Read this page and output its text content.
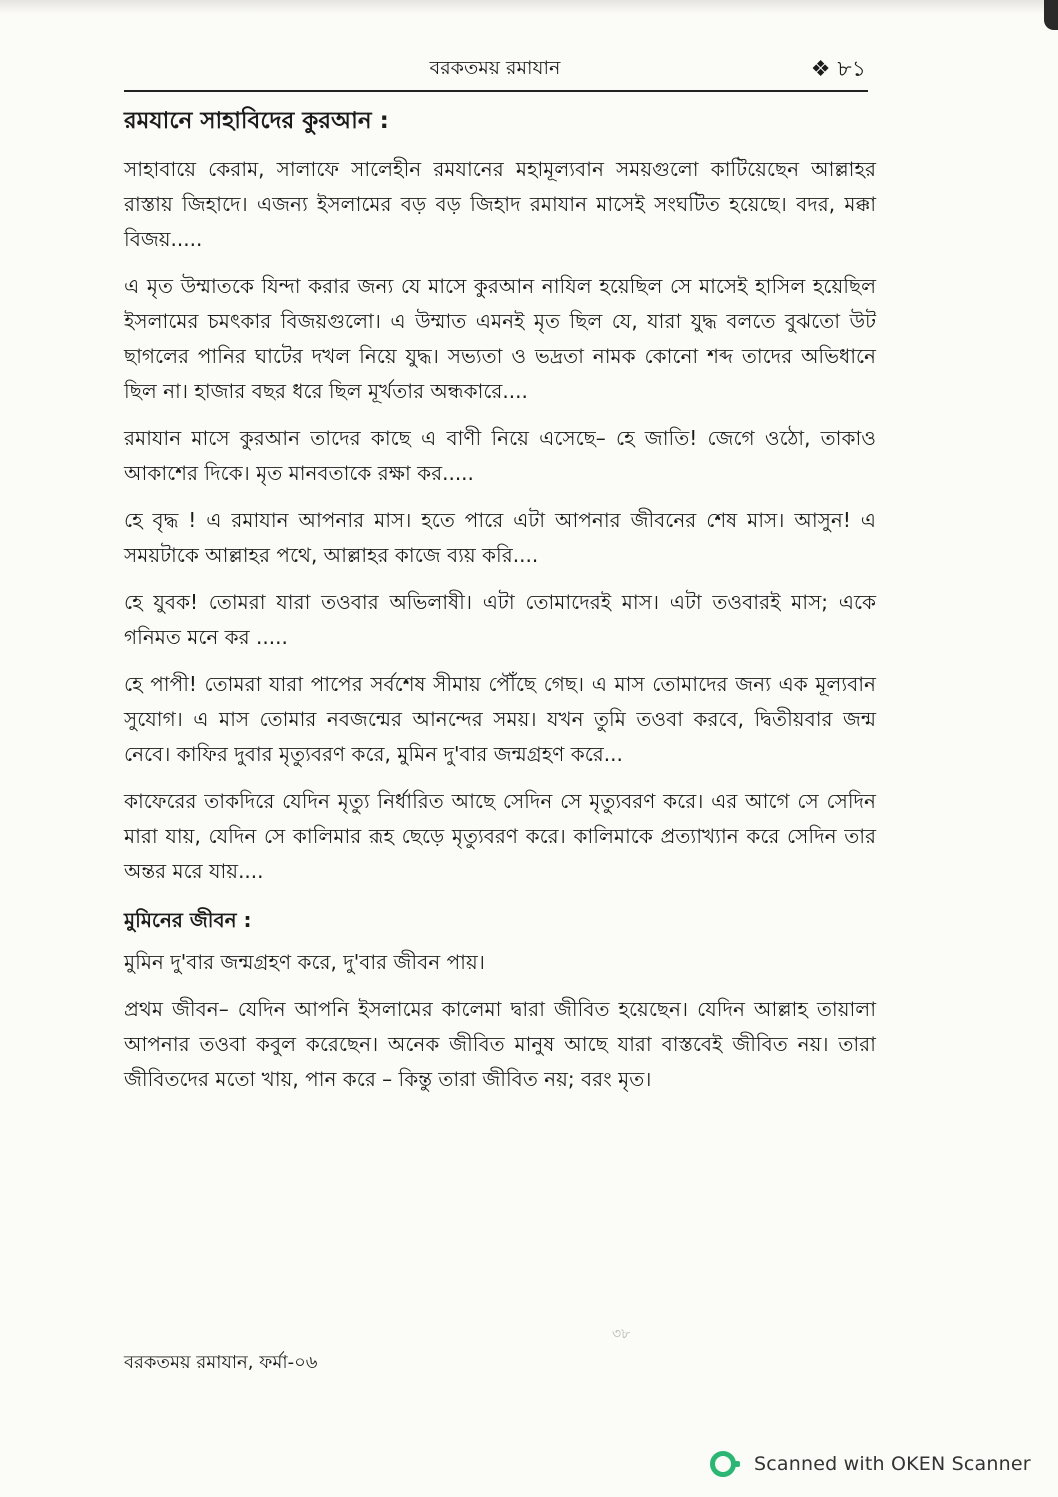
বরকতময় রমাযান	❖ ৮১
রমযানে সাহাবিদের কুরআন :

সাহাবায়ে কেরাম, সালাফে সালেহীন রমযানের মহামূল্যবান সময়গুলো কাটিয়েছেন আল্লাহর রাস্তায় জিহাদে। এজন্য ইসলামের বড় বড় জিহাদ রমাযান মাসেই সংঘটিত হয়েছে। বদর, মক্কা বিজয়.....

এ মৃত উম্মাতকে যিন্দা করার জন্য যে মাসে কুরআন নাযিল হয়েছিল সে মাসেই হাসিল হয়েছিল ইসলামের চমৎকার বিজয়গুলো। এ উম্মাত এমনই মৃত ছিল যে, যারা যুদ্ধ বলতে বুঝতো উট ছাগলের পানির ঘাটের দখল নিয়ে যুদ্ধ। সভ্যতা ও ভদ্রতা নামক কোনো শব্দ তাদের অভিধানে ছিল না। হাজার বছর ধরে ছিল মূর্খতার অন্ধকারে....

রমাযান মাসে কুরআন তাদের কাছে এ বাণী নিয়ে এসেছে– হে জাতি! জেগে ওঠো, তাকাও আকাশের দিকে। মৃত মানবতাকে রক্ষা কর.....

হে বৃদ্ধ ! এ রমাযান আপনার মাস। হতে পারে এটা আপনার জীবনের শেষ মাস। আসুন! এ সময়টাকে আল্লাহর পথে, আল্লাহর কাজে ব্যয় করি....

হে যুবক! তোমরা যারা তওবার অভিলাষী। এটা তোমাদেরই মাস। এটা তওবারই মাস; একে গনিমত মনে কর .....

হে পাপী! তোমরা যারা পাপের সর্বশেষ সীমায় পৌঁছে গেছ। এ মাস তোমাদের জন্য এক মূল্যবান সুযোগ। এ মাস তোমার নবজন্মের আনন্দের সময়। যখন তুমি তওবা করবে, দ্বিতীয়বার জন্ম নেবে। কাফির দুবার মৃত্যুবরণ করে, মুমিন দু'বার জন্মগ্রহণ করে...

কাফেরের তাকদিরে যেদিন মৃত্যু নির্ধারিত আছে সেদিন সে মৃত্যুবরণ করে। এর আগে সে সেদিন মারা যায়, যেদিন সে কালিমার রূহ ছেড়ে মৃত্যুবরণ করে। কালিমাকে প্রত্যাখ্যান করে সেদিন তার অন্তর মরে যায়....

মুমিনের জীবন :

মুমিন দু'বার জন্মগ্রহণ করে, দু'বার জীবন পায়।

প্রথম জীবন– যেদিন আপনি ইসলামের কালেমা দ্বারা জীবিত হয়েছেন। যেদিন আল্লাহ তায়ালা আপনার তওবা কবুল করেছেন। অনেক জীবিত মানুষ আছে যারা বাস্তবেই জীবিত নয়। তারা জীবিতদের মতো খায়, পান করে – কিন্তু তারা জীবিত নয়; বরং মৃত।

৩৮
বরকতময় রমাযান, ফর্মা-০৬
Scanned with OKEN Scanner
